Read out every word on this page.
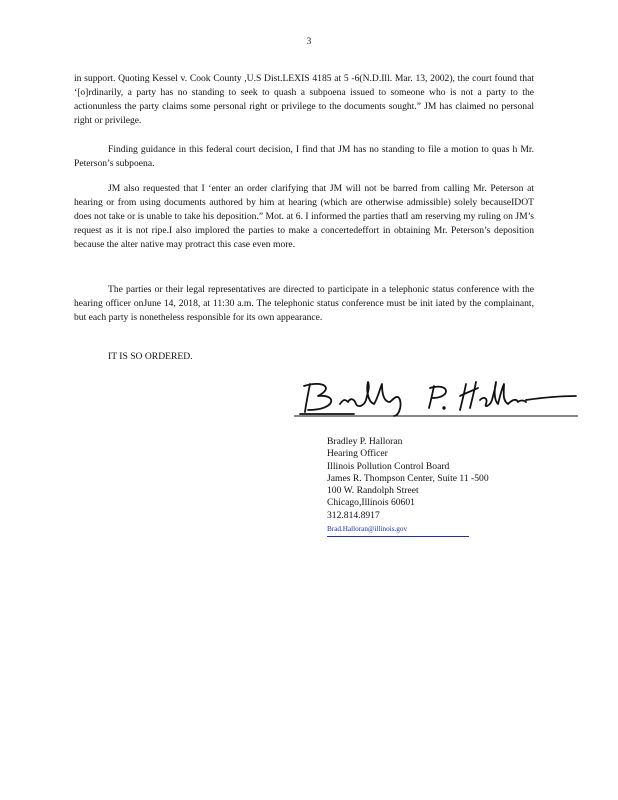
3

in support. Quoting Kessel v. Cook County ,U.S Dist.LEXIS 4185 at 5 -6(N.D.Ill. Mar. 13, 2002), the court found that ‘[o]rdinarily, a party has no standing to seek to quash a subpoena issued to someone who is not a party to the actionunless the party claims some personal right or privilege to the documents sought.” JM has claimed no personal right or privilege.

Finding guidance in this federal court decision, I find that JM has no standing to file a motion to quas h Mr. Peterson’s subpoena.

JM also requested that I ‘enter an order clarifying that JM will not be barred from calling Mr. Peterson at hearing or from using documents authored by him at hearing (which are otherwise admissible) solely becauseIDOT does not take or is unable to take his deposition.” Mot. at 6. I informed the parties thatI am reserving my ruling on JM’s request as it is not ripe.I also implored the parties to make a concertedeffort in obtaining Mr. Peterson’s deposition because the alter native may protract this case even more.

The parties or their legal representatives are directed to participate in a telephonic status conference with the hearing officer onJune 14, 2018, at 11:30 a.m. The telephonic status conference must be init iated by the complainant, but each party is nonetheless responsible for its own appearance.

IT IS SO ORDERED.

Bradley P. Halloran
Hearing Officer
Illinois Pollution Control Board
James R. Thompson Center, Suite 11 -500
100 W. Randolph Street
Chicago,Illinois 60601
312.814.8917
Brad.Halloran@illinois.gov
